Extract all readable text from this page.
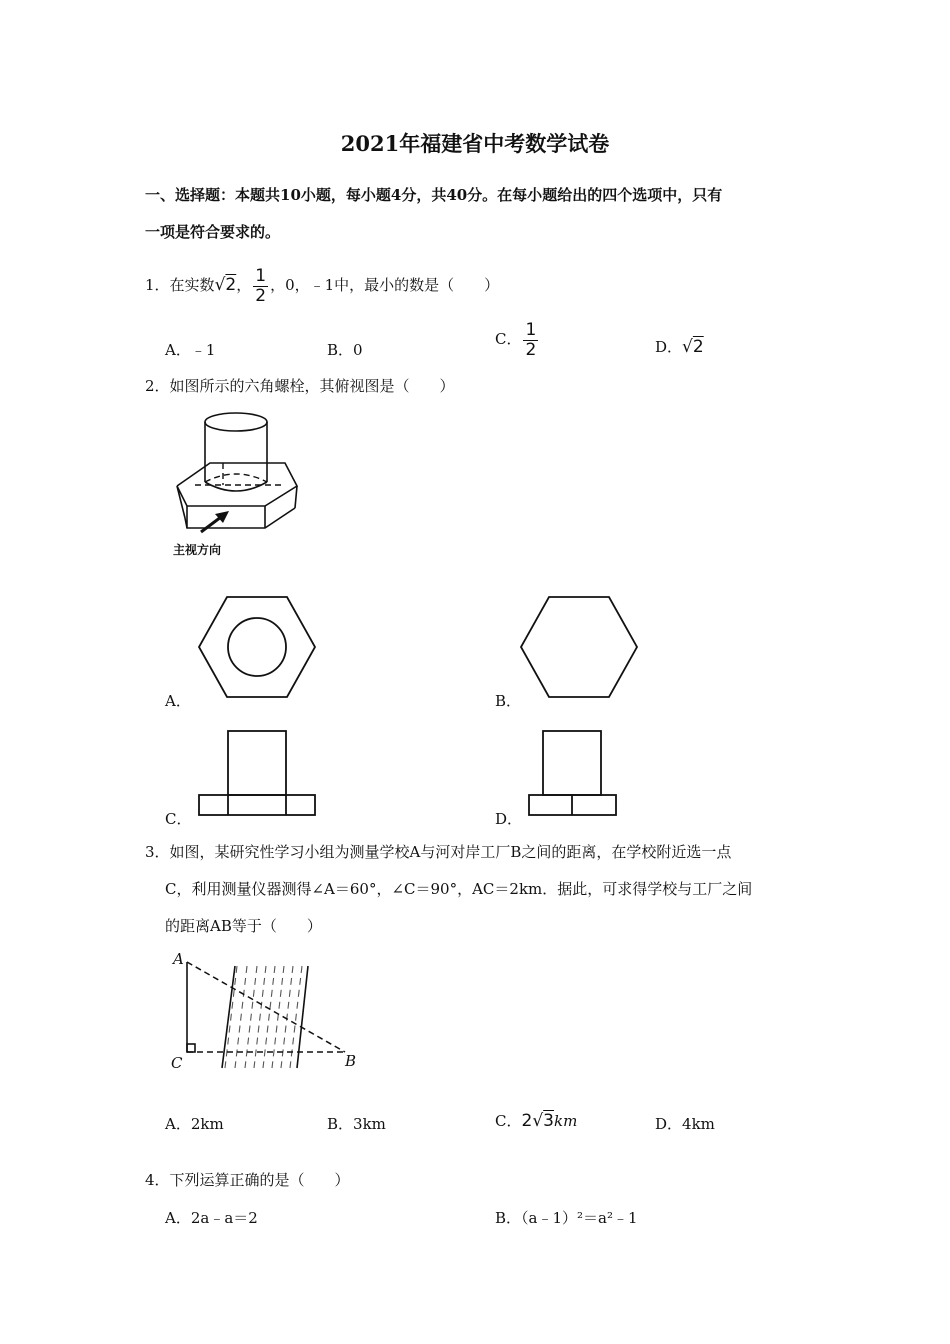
2021年福建省中考数学试卷
一、选择题：本题共10小题，每小题4分，共40分。在每小题给出的四个选项中，只有
一项是符合要求的。
1．在实数√2， $\frac{1}{2}$ ，0，﹣1中，最小的数是（　　）
A．﹣1	B．0
C． $\frac{1}{2}$	D．√2
2．如图所示的六角螺栓，其俯视图是（　　）
主视方向
A．	B．
C．	D．
3．如图，某研究性学习小组为测量学校A与河对岸工厂B之间的距离，在学校附近选一点
C，利用测量仪器测得∠A＝60°，∠C＝90°，AC＝2km．据此，可求得学校与工厂之间
的距离AB等于（　　）
A
C	B
A．2km	B．3km	C．2√3km	D．4km
4．下列运算正确的是（　　）
A．2a﹣a＝2	B．（a﹣1）²＝a²﹣1
